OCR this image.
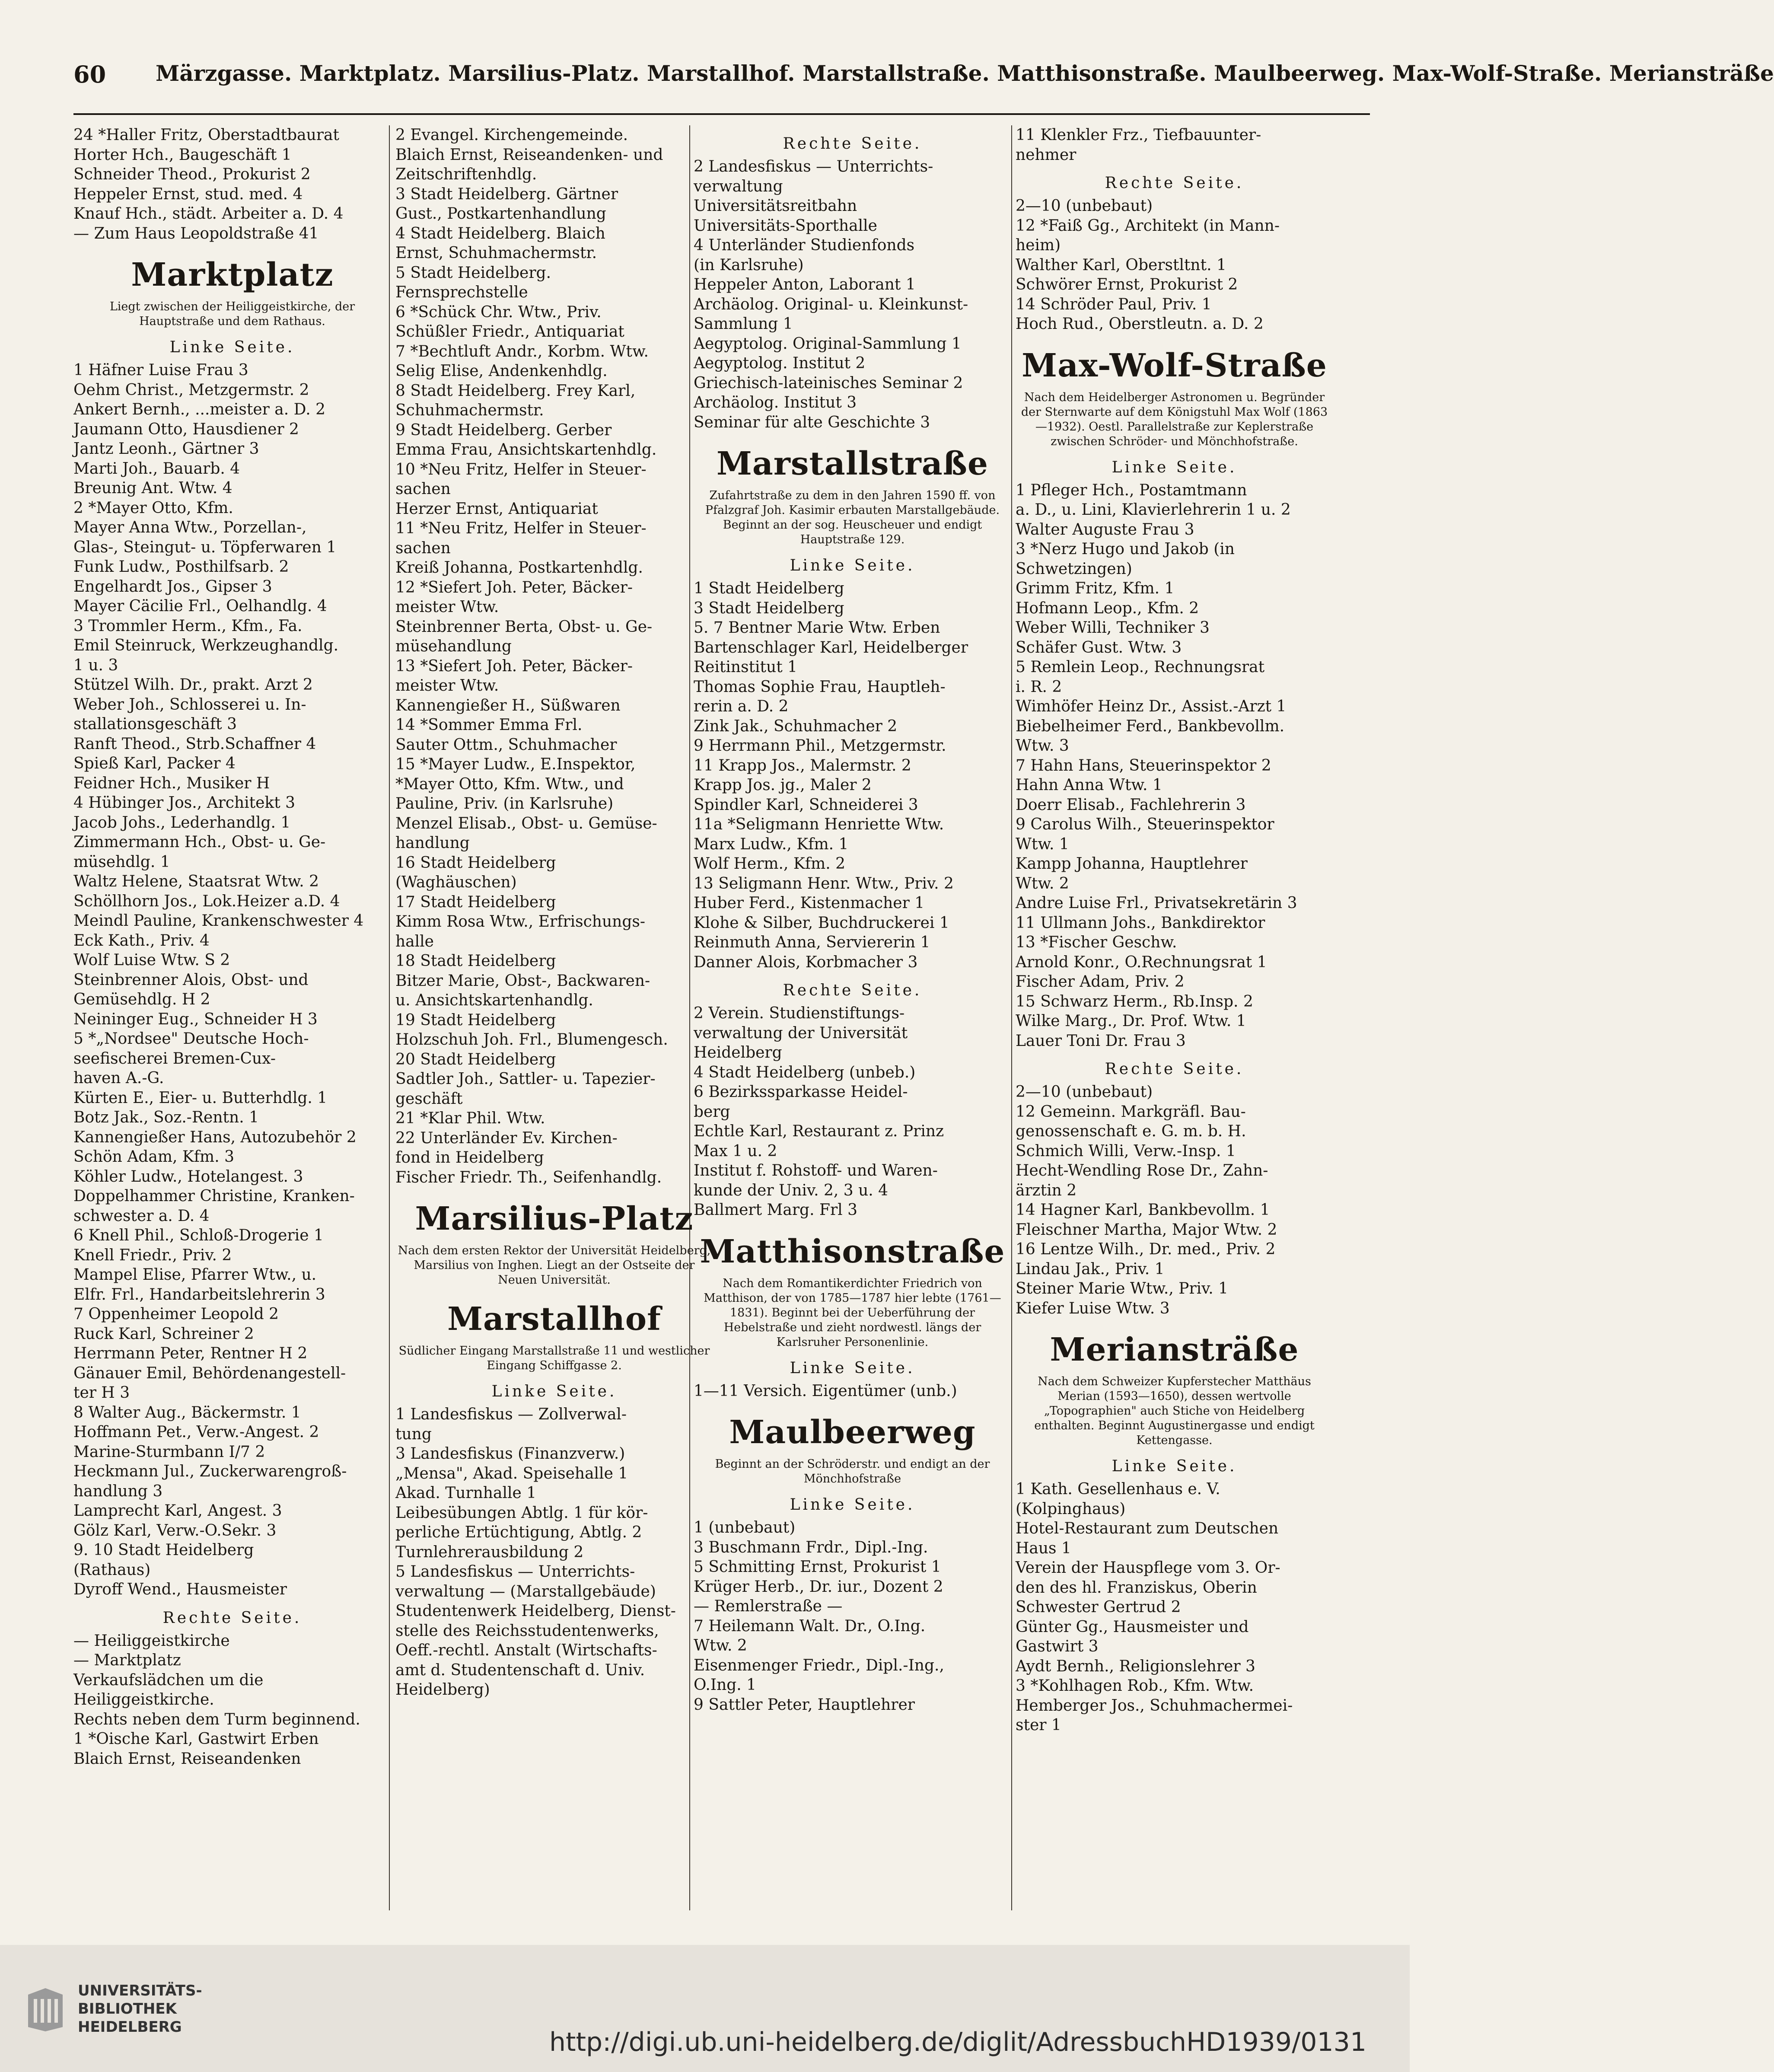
60 Märzgasse. Marktplatz. Marsilius-Platz. Marstallhof. Marstallstraße. Matthisonstraße. Maulbeerweg. Max-Wolf-Straße. Meriansträße
24 *Haller Fritz, Oberstadtbaurat
Horter Hch., Baugeschäft 1
Schneider Theod., Prokurist 2
Heppeler Ernst, stud. med. 4
Knauf Hch., städt. Arbeiter a. D. 4
— Zum Haus Leopoldstraße 41
Marktplatz
Liegt zwischen der Heiliggeistkirche, der Hauptstraße und dem Rathaus.
Linke Seite.
1 Häfner Luise Frau 3
Oehm Christ., Metzgermstr. 2
Ankert Bernh., ...meister a. D. 2
Jaumann Otto, Hausdiener 2
Jantz Leonh., Gärtner 3
Marti Joh., Bauarb. 4
Breunig Ant. Wtw. 4
2 *Mayer Otto, Kfm.
Mayer Anna Wtw., Porzellan-,
Glas-, Steingut- u. Töpferwaren 1
Funk Ludw., Posthilfsarb. 2
Engelhardt Jos., Gipser 3
Mayer Cäcilie Frl., Oelhandlg. 4
3 Trommler Herm., Kfm., Fa.
Emil Steinruck, Werkzeughandlg.
1 u. 3
Stützel Wilh. Dr., prakt. Arzt 2
Weber Joh., Schlosserei u. In-
stallationsgeschäft 3
Ranft Theod., Strb.Schaffner 4
Spieß Karl, Packer 4
Feidner Hch., Musiker H
4 Hübinger Jos., Architekt 3
Jacob Johs., Lederhandlg. 1
Zimmermann Hch., Obst- u. Ge-
müsehdlg. 1
Waltz Helene, Staatsrat Wtw. 2
Schöllhorn Jos., Lok.Heizer a.D. 4
Meindl Pauline, Krankenschwester 4
Eck Kath., Priv. 4
Wolf Luise Wtw. S 2
Steinbrenner Alois, Obst- und
Gemüsehdlg. H 2
Neininger Eug., Schneider H 3
5 *„Nordsee" Deutsche Hoch-
seefischerei Bremen-Cux-
haven A.-G.
Kürten E., Eier- u. Butterhdlg. 1
Botz Jak., Soz.-Rentn. 1
Kannengießer Hans, Autozubehör 2
Schön Adam, Kfm. 3
Köhler Ludw., Hotelangest. 3
Doppelhammer Christine, Kranken-
schwester a. D. 4
6 Knell Phil., Schloß-Drogerie 1
Knell Friedr., Priv. 2
Mampel Elise, Pfarrer Wtw., u.
Elfr. Frl., Handarbeitslehrerin 3
7 Oppenheimer Leopold 2
Ruck Karl, Schreiner 2
Herrmann Peter, Rentner H 2
Gänauer Emil, Behördenangestell-
ter H 3
8 Walter Aug., Bäckermstr. 1
Hoffmann Pet., Verw.-Angest. 2
Marine-Sturmbann I/7 2
Heckmann Jul., Zuckerwarengroß-
handlung 3
Lamprecht Karl, Angest. 3
Gölz Karl, Verw.-O.Sekr. 3
9. 10 Stadt Heidelberg
(Rathaus)
Dyroff Wend., Hausmeister
Rechte Seite.
— Heiliggeistkirche
— Marktplatz
Verkaufslädchen um die
Heiliggeistkirche.
Rechts neben dem Turm beginnend.
1 *Oische Karl, Gastwirt Erben
Blaich Ernst, Reiseandenken
2 Evangel. Kirchengemeinde.
Blaich Ernst, Reiseandenken- und
Zeitschriftenhdlg.
3 Stadt Heidelberg. Gärtner
Gust., Postkartenhandlung
4 Stadt Heidelberg. Blaich
Ernst, Schuhmachermstr.
5 Stadt Heidelberg.
Fernsprechstelle
6 *Schück Chr. Wtw., Priv.
Schüßler Friedr., Antiquariat
7 *Bechtluft Andr., Korbm. Wtw.
Selig Elise, Andenkenhdlg.
8 Stadt Heidelberg. Frey Karl,
Schuhmachermstr.
9 Stadt Heidelberg. Gerber
Emma Frau, Ansichtskartenhdlg.
10 *Neu Fritz, Helfer in Steuer-
sachen
Herzer Ernst, Antiquariat
11 *Neu Fritz, Helfer in Steuer-
sachen
Kreiß Johanna, Postkartenhdlg.
12 *Siefert Joh. Peter, Bäcker-
meister Wtw.
Steinbrenner Berta, Obst- u. Ge-
müsehandlung
13 *Siefert Joh. Peter, Bäcker-
meister Wtw.
Kannengießer H., Süßwaren
14 *Sommer Emma Frl.
Sauter Ottm., Schuhmacher
15 *Mayer Ludw., E.Inspektor,
*Mayer Otto, Kfm. Wtw., und
Pauline, Priv. (in Karlsruhe)
Menzel Elisab., Obst- u. Gemüse-
handlung
16 Stadt Heidelberg
(Waghäuschen)
17 Stadt Heidelberg
Kimm Rosa Wtw., Erfrischungs-
halle
18 Stadt Heidelberg
Bitzer Marie, Obst-, Backwaren-
u. Ansichtskartenhandlg.
19 Stadt Heidelberg
Holzschuh Joh. Frl., Blumengesch.
20 Stadt Heidelberg
Sadtler Joh., Sattler- u. Tapezier-
geschäft
21 *Klar Phil. Wtw.
22 Unterländer Ev. Kirchen-
fond in Heidelberg
Fischer Friedr. Th., Seifenhandlg.
Marsilius-Platz
Nach dem ersten Rektor der Universität Heidelberg, Marsilius von Inghen. Liegt an der Ostseite der Neuen Universität.
Marstallhof
Südlicher Eingang Marstallstraße 11 und westlicher Eingang Schiffgasse 2.
Linke Seite.
1 Landesfiskus — Zollverwal-
tung
3 Landesfiskus (Finanzverw.)
„Mensa", Akad. Speisehalle 1
Akad. Turnhalle 1
Leibesübungen Abtlg. 1 für kör-
perliche Ertüchtigung, Abtlg. 2
Turnlehrerausbildung 2
5 Landesfiskus — Unterrichts-
verwaltung — (Marstallgebäude)
Studentenwerk Heidelberg, Dienst-
stelle des Reichsstudentenwerks,
Oeff.-rechtl. Anstalt (Wirtschafts-
amt d. Studentenschaft d. Univ.
Heidelberg)
Rechte Seite.
2 Landesfiskus — Unterrichts-
verwaltung
Universitätsreitbahn
Universitäts-Sporthalle
4 Unterländer Studienfonds
(in Karlsruhe)
Heppeler Anton, Laborant 1
Archäolog. Original- u. Kleinkunst-
Sammlung 1
Aegyptolog. Original-Sammlung 1
Aegyptolog. Institut 2
Griechisch-lateinisches Seminar 2
Archäolog. Institut 3
Seminar für alte Geschichte 3
Marstallstraße
Zufahrtstraße zu dem in den Jahren 1590 ff. von Pfalzgraf Joh. Kasimir erbauten Marstallgebäude. Beginnt an der sog. Heuscheuer und endigt Hauptstraße 129.
Linke Seite.
1 Stadt Heidelberg
3 Stadt Heidelberg
5. 7 Bentner Marie Wtw. Erben
Bartenschlager Karl, Heidelberger
Reitinstitut 1
Thomas Sophie Frau, Hauptleh-
rerin a. D. 2
Zink Jak., Schuhmacher 2
9 Herrmann Phil., Metzgermstr.
11 Krapp Jos., Malermstr. 2
Krapp Jos. jg., Maler 2
Spindler Karl, Schneiderei 3
11a *Seligmann Henriette Wtw.
Marx Ludw., Kfm. 1
Wolf Herm., Kfm. 2
13 Seligmann Henr. Wtw., Priv. 2
Huber Ferd., Kistenmacher 1
Klohe & Silber, Buchdruckerei 1
Reinmuth Anna, Serviererin 1
Danner Alois, Korbmacher 3
Rechte Seite.
2 Verein. Studienstiftungs-
verwaltung der Universität
Heidelberg
4 Stadt Heidelberg (unbeb.)
6 Bezirkssparkasse Heidel-
berg
Echtle Karl, Restaurant z. Prinz
Max 1 u. 2
Institut f. Rohstoff- und Waren-
kunde der Univ. 2, 3 u. 4
Ballmert Marg. Frl 3
Matthisonstraße
Nach dem Romantikerdichter Friedrich von Matthison, der von 1785—1787 hier lebte (1761—1831). Beginnt bei der Ueberführung der Hebelstraße und zieht nordwestl. längs der Karlsruher Personenlinie.
Linke Seite.
1—11 Versich. Eigentümer (unb.)
Maulbeerweg
Beginnt an der Schröderstr. und endigt an der Mönchhofstraße
Linke Seite.
1 (unbebaut)
3 Buschmann Frdr., Dipl.-Ing.
5 Schmitting Ernst, Prokurist 1
Krüger Herb., Dr. iur., Dozent 2
— Remlerstraße —
7 Heilemann Walt. Dr., O.Ing.
Wtw. 2
Eisenmenger Friedr., Dipl.-Ing.,
O.Ing. 1
9 Sattler Peter, Hauptlehrer
11 Klenkler Frz., Tiefbauunter-
nehmer
Rechte Seite.
2—10 (unbebaut)
12 *Faiß Gg., Architekt (in Mann-
heim)
Walther Karl, Oberstltnt. 1
Schwörer Ernst, Prokurist 2
14 Schröder Paul, Priv. 1
Hoch Rud., Oberstleutn. a. D. 2
Max-Wolf-Straße
Nach dem Heidelberger Astronomen u. Begründer der Sternwarte auf dem Königstuhl Max Wolf (1863—1932). Oestl. Parallelstraße zur Keplerstraße zwischen Schröder- und Mönchhofstraße.
Linke Seite.
1 Pfleger Hch., Postamtmann
a. D., u. Lini, Klavierlehrerin 1 u. 2
Walter Auguste Frau 3
3 *Nerz Hugo und Jakob (in
Schwetzingen)
Grimm Fritz, Kfm. 1
Hofmann Leop., Kfm. 2
Weber Willi, Techniker 3
Schäfer Gust. Wtw. 3
5 Remlein Leop., Rechnungsrat
i. R. 2
Wimhöfer Heinz Dr., Assist.-Arzt 1
Biebelheimer Ferd., Bankbevollm.
Wtw. 3
7 Hahn Hans, Steuerinspektor 2
Hahn Anna Wtw. 1
Doerr Elisab., Fachlehrerin 3
9 Carolus Wilh., Steuerinspektor
Wtw. 1
Kampp Johanna, Hauptlehrer
Wtw. 2
Andre Luise Frl., Privatsekretärin 3
11 Ullmann Johs., Bankdirektor
13 *Fischer Geschw.
Arnold Konr., O.Rechnungsrat 1
Fischer Adam, Priv. 2
15 Schwarz Herm., Rb.Insp. 2
Wilke Marg., Dr. Prof. Wtw. 1
Lauer Toni Dr. Frau 3
Rechte Seite.
2—10 (unbebaut)
12 Gemeinn. Markgräfl. Bau-
genossenschaft e. G. m. b. H.
Schmich Willi, Verw.-Insp. 1
Hecht-Wendling Rose Dr., Zahn-
ärztin 2
14 Hagner Karl, Bankbevollm. 1
Fleischner Martha, Major Wtw. 2
16 Lentze Wilh., Dr. med., Priv. 2
Lindau Jak., Priv. 1
Steiner Marie Wtw., Priv. 1
Kiefer Luise Wtw. 3
Meriansträße
Nach dem Schweizer Kupferstecher Matthäus Merian (1593—1650), dessen wertvolle „Topographien" auch Stiche von Heidelberg enthalten. Beginnt Augustinergasse und endigt Kettengasse.
Linke Seite.
1 Kath. Gesellenhaus e. V.
(Kolpinghaus)
Hotel-Restaurant zum Deutschen
Haus 1
Verein der Hauspflege vom 3. Or-
den des hl. Franziskus, Oberin
Schwester Gertrud 2
Günter Gg., Hausmeister und
Gastwirt 3
Aydt Bernh., Religionslehrer 3
3 *Kohlhagen Rob., Kfm. Wtw.
Hemberger Jos., Schuhmachermei-
ster 1
UNIVERSITÄTS-
BIBLIOTHEK
HEIDELBERG	http://digi.ub.uni-heidelberg.de/diglit/AdressbuchHD1939/0131
